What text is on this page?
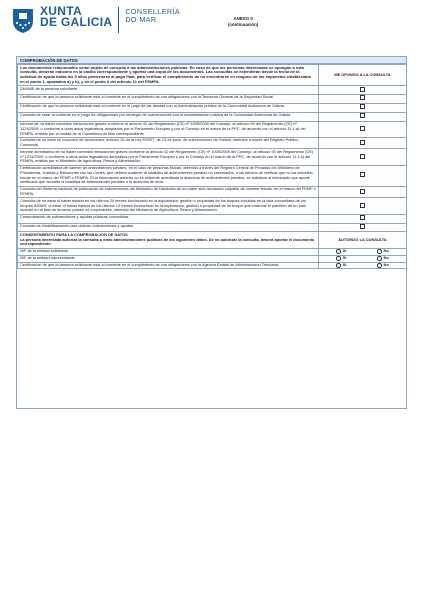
XUNTA
DE GALICIA
CONSELLERÍA
DO MAR	ANEXO II
(continuación)
COMPROBACIÓN DE DATOS
Los documentos relacionados serán objeto de consulta a las administraciones públicas. En caso de que las personas interesadas se opongan a esta consulta, deberán indicarlo en la casilla correspondiente y aportar una copia de los documentos. Las consultas se extenderán desde la fecha de la solicitud de ayuda hasta los 5 años posteriores al pago final, para verificar el cumplimiento de no encontrarse en ninguno de los supuestos establecidos en el punto 1, apartados a) y b), y en el punto 3 del artículo 11 del FEMPA.	ME OPONGO A LA CONSULTA
DNI/NIE de la persona solicitante	
Certificación de que la persona solicitante está al corriente en el cumplimiento de sus obligaciones con la Tesorería General de la Seguridad Social	
Certificación de que la persona solicitante está al corriente en el pago de las deudas con la Administración pública de la Comunidad Autónoma de Galicia	
Consulta de estar al corriente en el pago de obligaciones por reintegro de subvenciones con la Administración pública de la Comunidad Autónoma de Galicia	
Informe de no haber cometido infracciones graves conforme al artículo 42 del Reglamento (CE) nº 1005/2008 del Consejo, al artículo 90 del Reglamento (CE) nº 1224/2009, o conforme a otros actos legislativos adoptados por el Parlamento Europeo y por el Consejo en el marco de la PPC, de acuerdo con el artículo 11.1.a) del FEMPA, emitido por la unidad de la Consellería do Mar correspondiente	
Consulta de no estar en concurso de acreedores, artículo 10 de la Ley 9/2007, de 13 de junio, de subvenciones de Galicia, obtenido a través del Registro Público Concursal.	
Informe acreditativo de no haber cometido infracciones graves conforme al artículo 42 del Reglamento (CE) nº 1005/2008 del Consejo, al artículo 90 del Reglamento (CE) nº 1224/2009, o conforme a otros actos legislativos adoptados por el Parlamento Europeo y por el Consejo en el marco de la PPC, de acuerdo con el artículo 11.1.a) del FEMPA, emitido por el Ministerio de Agricultura, Pesca y Alimentación	
Certificación acreditativa de carecer de antecedentes penales, en el caso de personas físicas, obtenido a través del Registro Central de Penados del Ministerio de Presidencia, Justicia y Relaciones con las Cortes, que deberá contener la totalidad de antecedentes penales no cancelados, a los efectos de verificar que no ha cometido fraude en el marco del FEMP o FEMPA. Si la información anterior no se entiende acreditada la ausencia de antecedentes penales, se solicitará al interesado que aporte certificado que acredite la totalidad de antecedentes penales o la ausencia de ellos.	
Consulta del Sistema nacional de publicación de subvenciones del Ministerio de Hacienda de no haber sido declarado culpable de cometer fraude, en el marco del FEMP o FEMPA.	
Consulta de no estar ni haber estado en los últimos 24 meses involucrado en la explotación, gestión o propiedad de los buques incluidos en la lista comunitaria de los buques INDNR; ni estar, ni haber estado en los últimos 12 meses involucrado en la explotación, gestión o propiedad de un buque que enarbole el pabellón de un país incluido en la lista de terceros países no cooperantes, obtenido del Ministerio de Agricultura, Pesca y Alimentación.	
Comprobación de subvenciones y ayudas públicas concedidas.	
Consulta de inhabilitaciones para obtener subvenciones y ayudas.	

CONSENTIMIENTO PARA LA COMPROBACIÓN DE DATOS
La persona interesada autoriza la consulta a otras administraciones públicas de los siguientes datos. De no autorizar la consulta, deberá aportar el documento correspondiente.	AUTORIZO LA CONSULTA
NIF de la entidad solicitante.	Sí No

NIF de la entidad representante.	Sí No

Certificación de que la persona solicitante está al corriente en el cumplimiento de sus obligaciones con la Agencia Estatal de Administración Tributaria.	Sí No
